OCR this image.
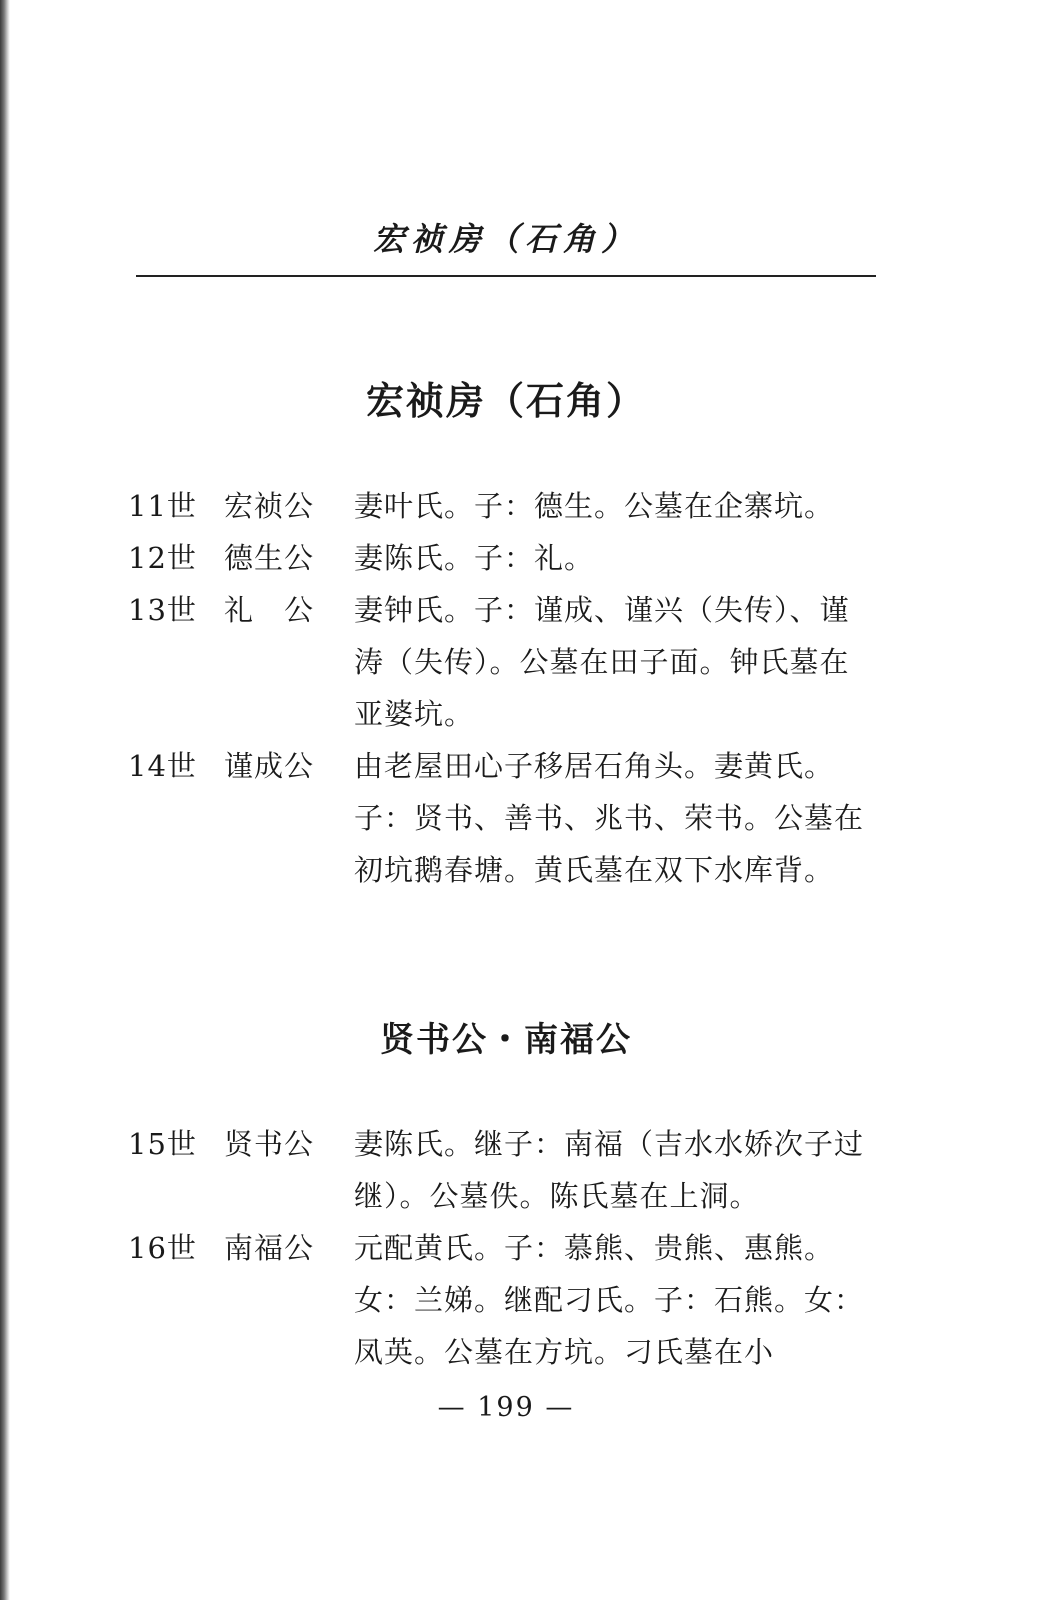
宏祯房（石角）
宏祯房（石角）
11世 宏祯公	妻叶氏。子：德生。公墓在企寨坑。
12世 德生公	妻陈氏。子：礼。
13世 礼　公	妻钟氏。子：谨成、谨兴（失传）、谨涛（失传）。公墓在田子面。钟氏墓在亚婆坑。
14世 谨成公	由老屋田心子移居石角头。妻黄氏。子：贤书、善书、兆书、荣书。公墓在初坑鹅春塘。黄氏墓在双下水库背。
贤书公・南福公
15世 贤书公	妻陈氏。继子：南福（吉水水娇次子过继）。公墓佚。陈氏墓在上洞。
16世 南福公	元配黄氏。子：慕熊、贵熊、惠熊。女：兰娣。继配刁氏。子：石熊。女：凤英。公墓在方坑。刁氏墓在小
— 199 —
